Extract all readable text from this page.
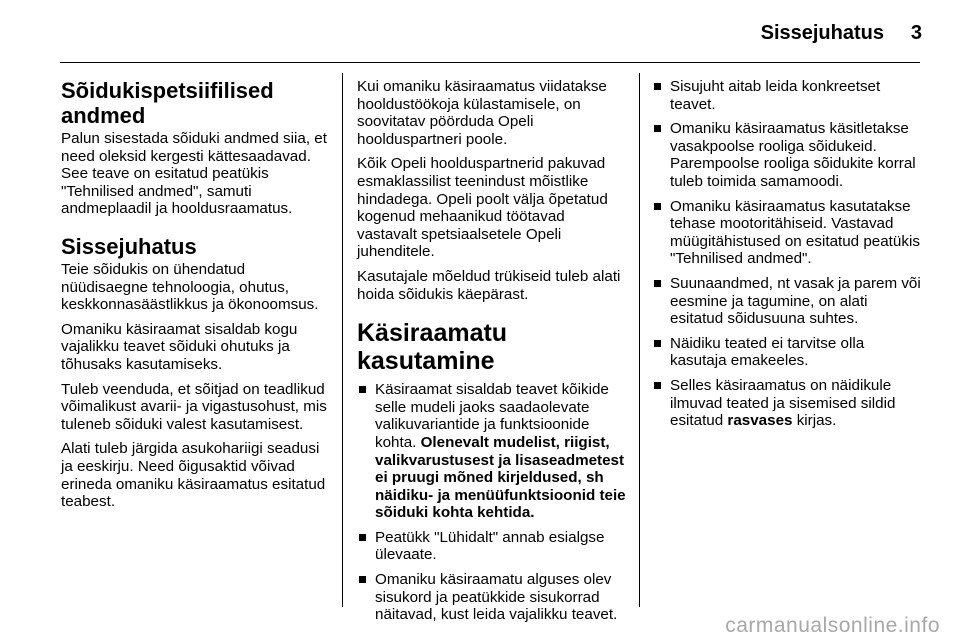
Sissejuhatus 3
Sõidukispetsiifilised andmed

Palun sisestada sõiduki andmed siia, et need oleksid kergesti kättesaadavad. See teave on esitatud peatükis "Tehnilised andmed", samuti andmeplaadil ja hooldusraamatus.

Sissejuhatus

Teie sõidukis on ühendatud nüüdisaegne tehnoloogia, ohutus, keskkonnasäästlikkus ja ökonoomsus.

Omaniku käsiraamat sisaldab kogu vajalikku teavet sõiduki ohutuks ja tõhusaks kasutamiseks.

Tuleb veenduda, et sõitjad on teadlikud võimalikust avarii- ja vigastusohust, mis tuleneb sõiduki valest kasutamisest.

Alati tuleb järgida asukohariigi seadusi ja eeskirju. Need õigusaktid võivad erineda omaniku käsiraamatus esitatud teabest.

Kui omaniku käsiraamatus viidatakse hooldustöökoja külastamisele, on soovitatav pöörduda Opeli hoolduspartneri poole.

Kõik Opeli hoolduspartnerid pakuvad esmaklassilist teenindust mõistlike hindadega. Opeli poolt välja õpetatud kogenud mehaanikud töötavad vastavalt spetsiaalsetele Opeli juhenditele.

Kasutajale mõeldud trükiseid tuleb alati hoida sõidukis käepärast.

Käsiraamatu kasutamine
Käsiraamat sisaldab teavet kõikide selle mudeli jaoks saadaolevate valikuvariantide ja funktsioonide kohta. Olenevalt mudelist, riigist, valikvarustusest ja lisaseadmetest ei pruugi mõned kirjeldused, sh näidiku- ja menüüfunktsioonid teie sõiduki kohta kehtida.
Peatükk "Lühidalt" annab esialgse ülevaate.
Omaniku käsiraamatu alguses olev sisukord ja peatükkide sisukorrad näitavad, kust leida vajalikku teavet.
Sisujuht aitab leida konkreetset teavet.
Omaniku käsiraamatus käsitletakse vasakpoolse rooliga sõidukeid. Parempoolse rooliga sõidukite korral tuleb toimida samamoodi.
Omaniku käsiraamatus kasutatakse tehase mootoritähiseid. Vastavad müügitähistused on esitatud peatükis "Tehnilised andmed".
Suunaandmed, nt vasak ja parem või eesmine ja tagumine, on alati esitatud sõidusuuna suhtes.
Näidiku teated ei tarvitse olla kasutaja emakeeles.
Selles käsiraamatus on näidikule ilmuvad teated ja sisemised sildid esitatud rasvases kirjas.
carmanualsonline.info
